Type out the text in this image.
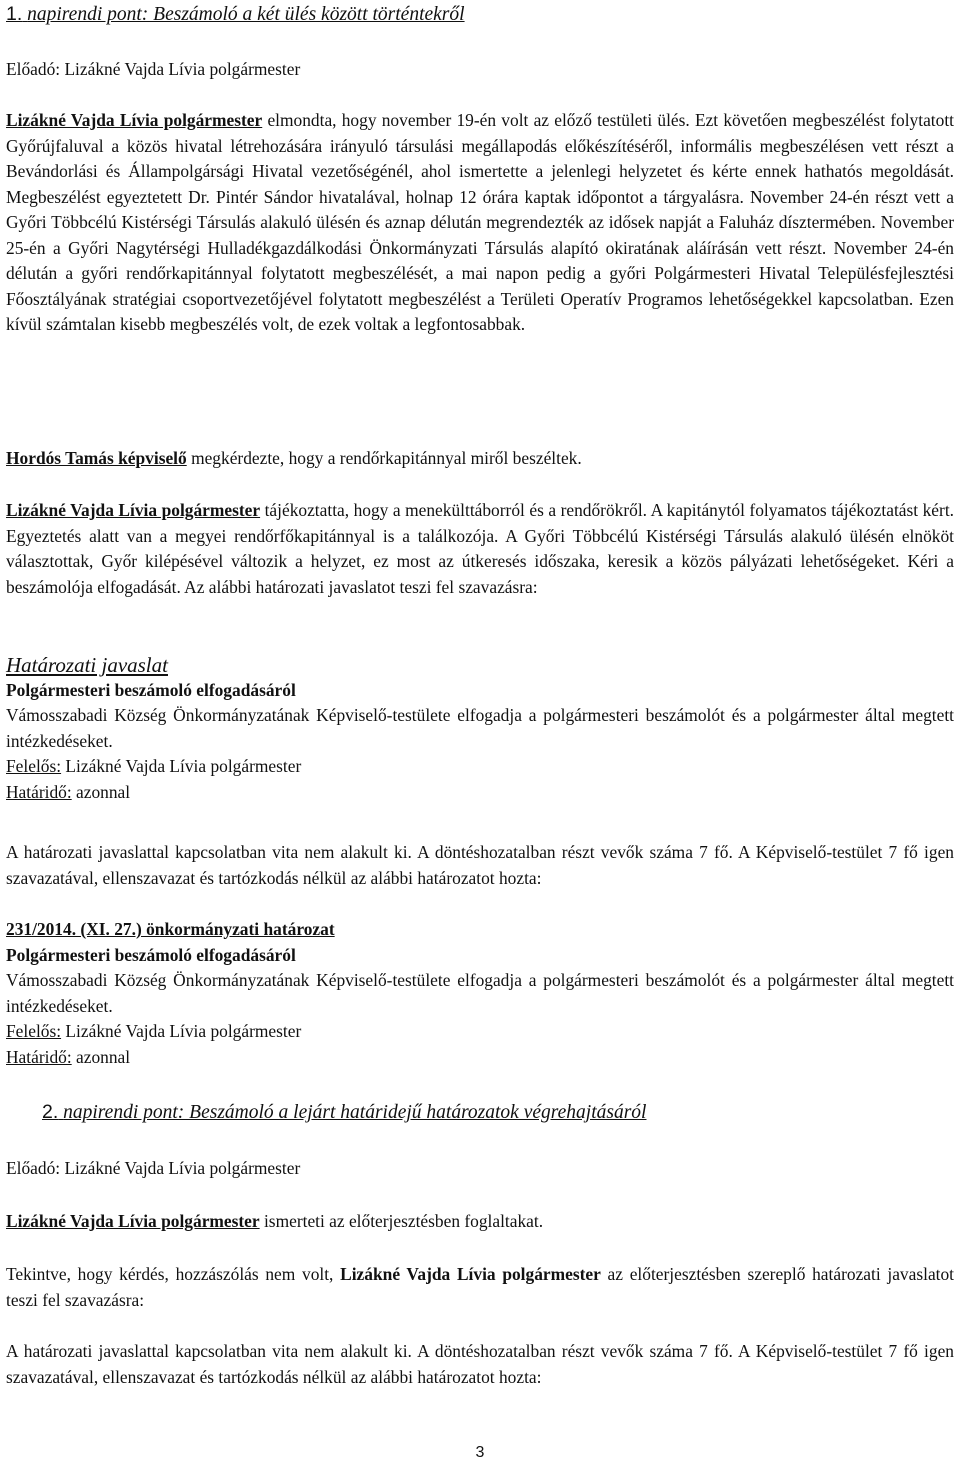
1. napirendi pont: Beszámoló a két ülés között történtekről

Előadó: Lizákné Vajda Lívia polgármester

Lizákné Vajda Lívia polgármester elmondta, hogy november 19-én volt az előző testületi ülés. Ezt követően megbeszélést folytatott Győrújfaluval a közös hivatal létrehozására irányuló társulási megállapodás előkészítéséről, informális megbeszélésen vett részt a Bevándorlási és Állampolgársági Hivatal vezetőségénél, ahol ismertette a jelenlegi helyzetet és kérte ennek hathatós megoldását. Megbeszélést egyeztetett Dr. Pintér Sándor hivatalával, holnap 12 órára kaptak időpontot a tárgyalásra. November 24-én részt vett a Győri Többcélú Kistérségi Társulás alakuló ülésén és aznap délután megrendezték az idősek napját a Faluház dísztermében. November 25-én a Győri Nagytérségi Hulladékgazdálkodási Önkormányzati Társulás alapító okiratának aláírásán vett részt. November 24-én délután a győri rendőrkapitánnyal folytatott megbeszélését, a mai napon pedig a győri Polgármesteri Hivatal Településfejlesztési Főosztályának stratégiai csoportvezetőjével folytatott megbeszélést a Területi Operatív Programos lehetőségekkel kapcsolatban. Ezen kívül számtalan kisebb megbeszélés volt, de ezek voltak a legfontosabbak.

Hordós Tamás képviselő megkérdezte, hogy a rendőrkapitánnyal miről beszéltek.

Lizákné Vajda Lívia polgármester tájékoztatta, hogy a menekülttáborról és a rendőrökről. A kapitánytól folyamatos tájékoztatást kért. Egyeztetés alatt van a megyei rendőrfőkapitánnyal is a találkozója. A Győri Többcélú Kistérségi Társulás alakuló ülésén elnököt választottak, Győr kilépésével változik a helyzet, ez most az útkeresés időszaka, keresik a közös pályázati lehetőségeket. Kéri a beszámolója elfogadását. Az alábbi határozati javaslatot teszi fel szavazásra:

Határozati javaslat

Polgármesteri beszámoló elfogadásáról

Vámosszabadi Község Önkormányzatának Képviselő-testülete elfogadja a polgármesteri beszámolót és a polgármester által megtett intézkedéseket.

Felelős: Lizákné Vajda Lívia polgármester

Határidő: azonnal

A határozati javaslattal kapcsolatban vita nem alakult ki. A döntéshozatalban részt vevők száma 7 fő. A Képviselő-testület 7 fő igen szavazatával, ellenszavazat és tartózkodás nélkül az alábbi határozatot hozta:

231/2014. (XI. 27.) önkormányzati határozat

Polgármesteri beszámoló elfogadásáról

Vámosszabadi Község Önkormányzatának Képviselő-testülete elfogadja a polgármesteri beszámolót és a polgármester által megtett intézkedéseket.

Felelős: Lizákné Vajda Lívia polgármester

Határidő: azonnal

2. napirendi pont: Beszámoló a lejárt határidejű határozatok végrehajtásáról

Előadó: Lizákné Vajda Lívia polgármester

Lizákné Vajda Lívia polgármester ismerteti az előterjesztésben foglaltakat.

Tekintve, hogy kérdés, hozzászólás nem volt, Lizákné Vajda Lívia polgármester az előterjesztésben szereplő határozati javaslatot teszi fel szavazásra:

A határozati javaslattal kapcsolatban vita nem alakult ki. A döntéshozatalban részt vevők száma 7 fő. A Képviselő-testület 7 fő igen szavazatával, ellenszavazat és tartózkodás nélkül az alábbi határozatot hozta:

3
